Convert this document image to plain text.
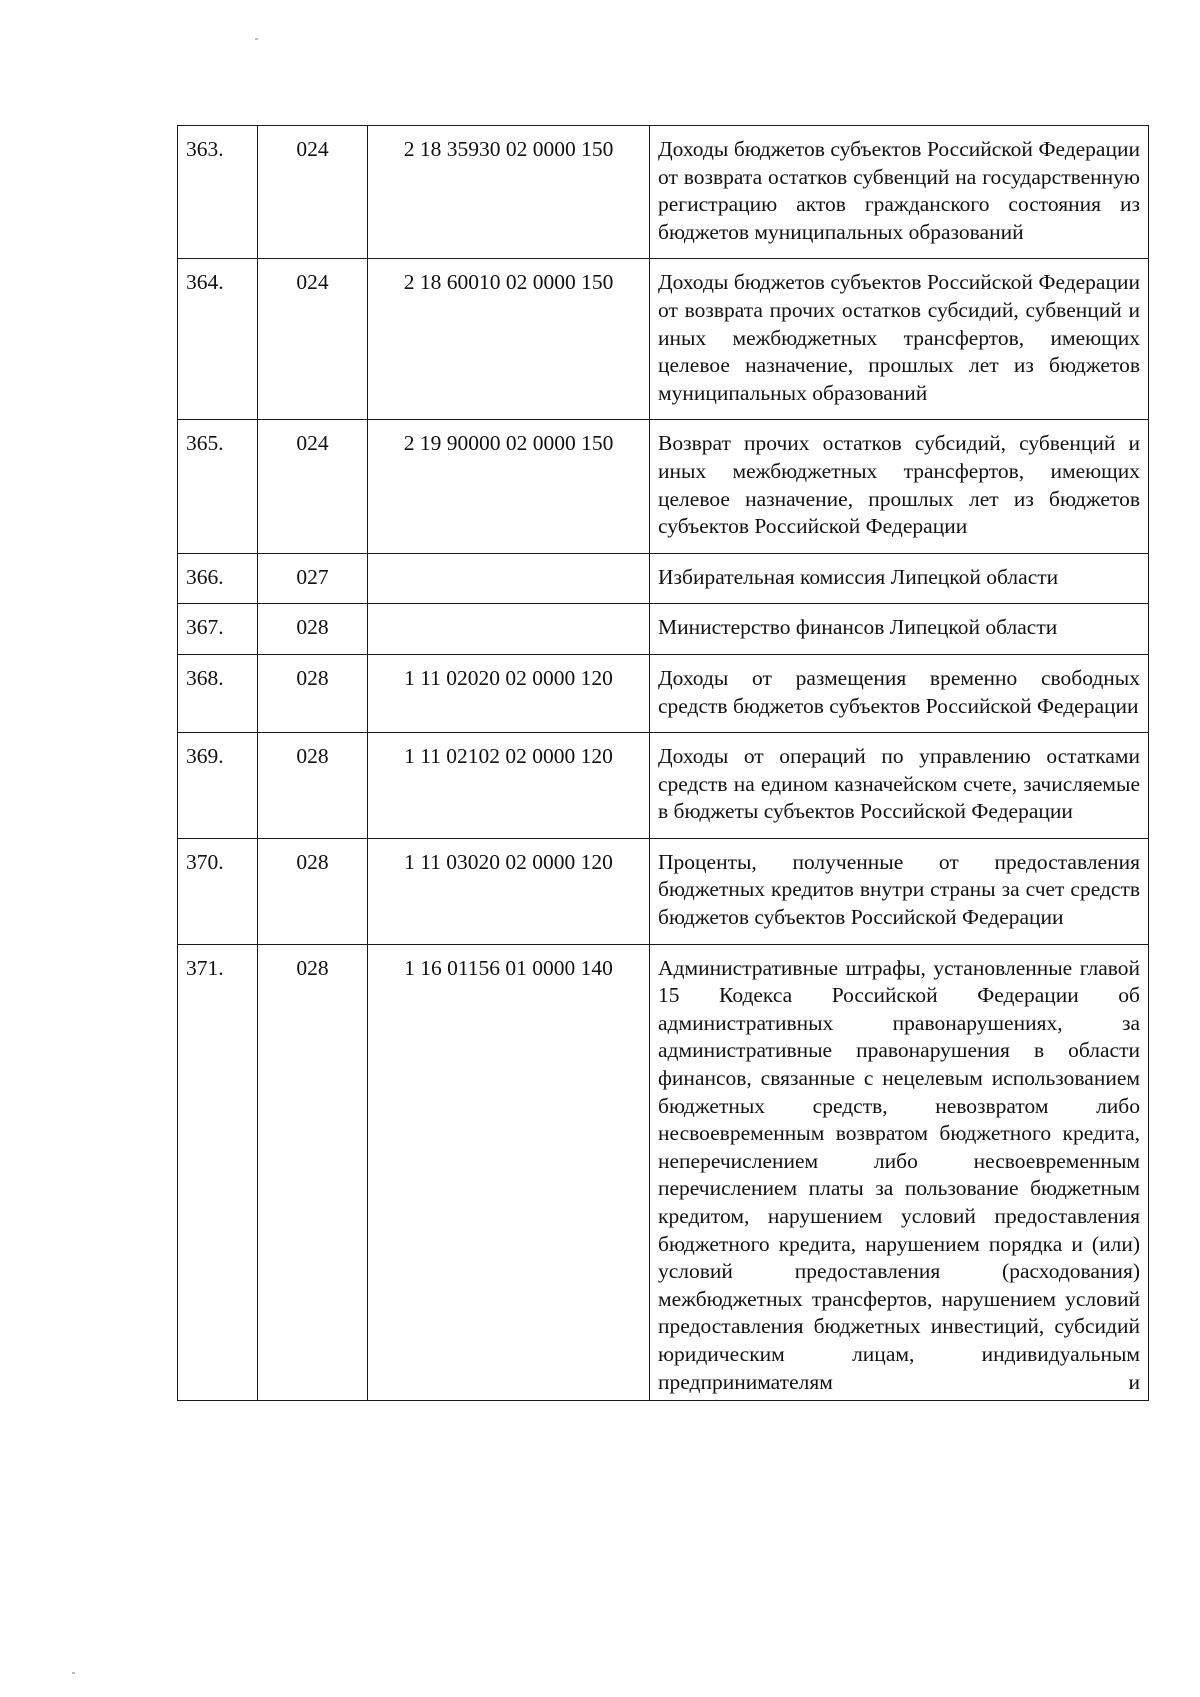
363.	024	2 18 35930 02 0000 150	Доходы бюджетов субъектов Российской Федерации от возврата остатков субвенций на государственную регистрацию актов гражданского состояния из бюджетов муниципальных образований
364.	024	2 18 60010 02 0000 150	Доходы бюджетов субъектов Российской Федерации от возврата прочих остатков субсидий, субвенций и иных межбюджетных трансфертов, имеющих целевое назначение, прошлых лет из бюджетов муниципальных образований
365.	024	2 19 90000 02 0000 150	Возврат прочих остатков субсидий, субвенций и иных межбюджетных трансфертов, имеющих целевое назначение, прошлых лет из бюджетов субъектов Российской Федерации
366.	027		Избирательная комиссия Липецкой области
367.	028		Министерство финансов Липецкой области
368.	028	1 11 02020 02 0000 120	Доходы от размещения временно свободных средств бюджетов субъектов Российской Федерации
369.	028	1 11 02102 02 0000 120	Доходы от операций по управлению остатками средств на едином казначейском счете, зачисляемые в бюджеты субъектов Российской Федерации
370.	028	1 11 03020 02 0000 120	Проценты, полученные от предоставления бюджетных кредитов внутри страны за счет средств бюджетов субъектов Российской Федерации
371.	028	1 16 01156 01 0000 140	Административные штрафы, установленные главой 15 Кодекса Российской Федерации об административных правонарушениях, за административные правонарушения в области финансов, связанные с нецелевым использованием бюджетных средств, невозвратом либо несвоевременным возвратом бюджетного кредита, неперечислением либо несвоевременным перечислением платы за пользование бюджетным кредитом, нарушением условий предоставления бюджетного кредита, нарушением порядка и (или) условий предоставления (расходования) межбюджетных трансфертов, нарушением условий предоставления бюджетных инвестиций, субсидий юридическим лицам, индивидуальным предпринимателям и
